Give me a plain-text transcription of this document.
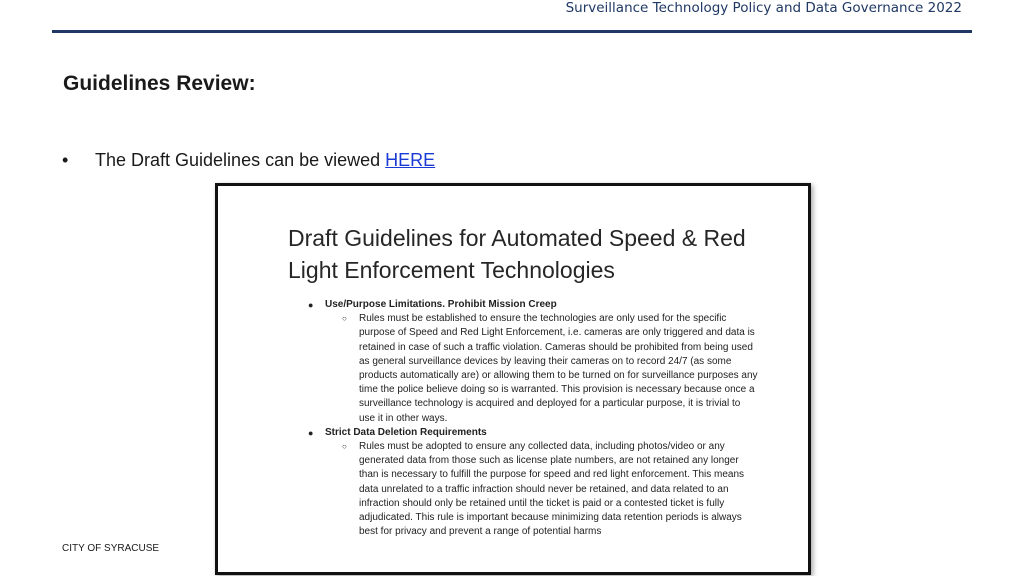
Surveillance Technology Policy and Data Governance 2022
Guidelines Review:
•	The Draft Guidelines can be viewed HERE
Draft Guidelines for Automated Speed & Red Light Enforcement Technologies
●	Use/Purpose Limitations. Prohibit Mission Creep
○	Rules must be established to ensure the technologies are only used for the specific purpose of Speed and Red Light Enforcement, i.e. cameras are only triggered and data is retained in case of such a traffic violation. Cameras should be prohibited from being used as general surveillance devices by leaving their cameras on to record 24/7 (as some products automatically are) or allowing them to be turned on for surveillance purposes any time the police believe doing so is warranted. This provision is necessary because once a surveillance technology is acquired and deployed for a particular purpose, it is trivial to use it in other ways.
●	Strict Data Deletion Requirements
○	Rules must be adopted to ensure any collected data, including photos/video or any generated data from those such as license plate numbers, are not retained any longer than is necessary to fulfill the purpose for speed and red light enforcement. This means data unrelated to a traffic infraction should never be retained, and data related to an infraction should only be retained until the ticket is paid or a contested ticket is fully adjudicated. This rule is important because minimizing data retention periods is always best for privacy and prevent a range of potential harms
CITY OF SYRACUSE
